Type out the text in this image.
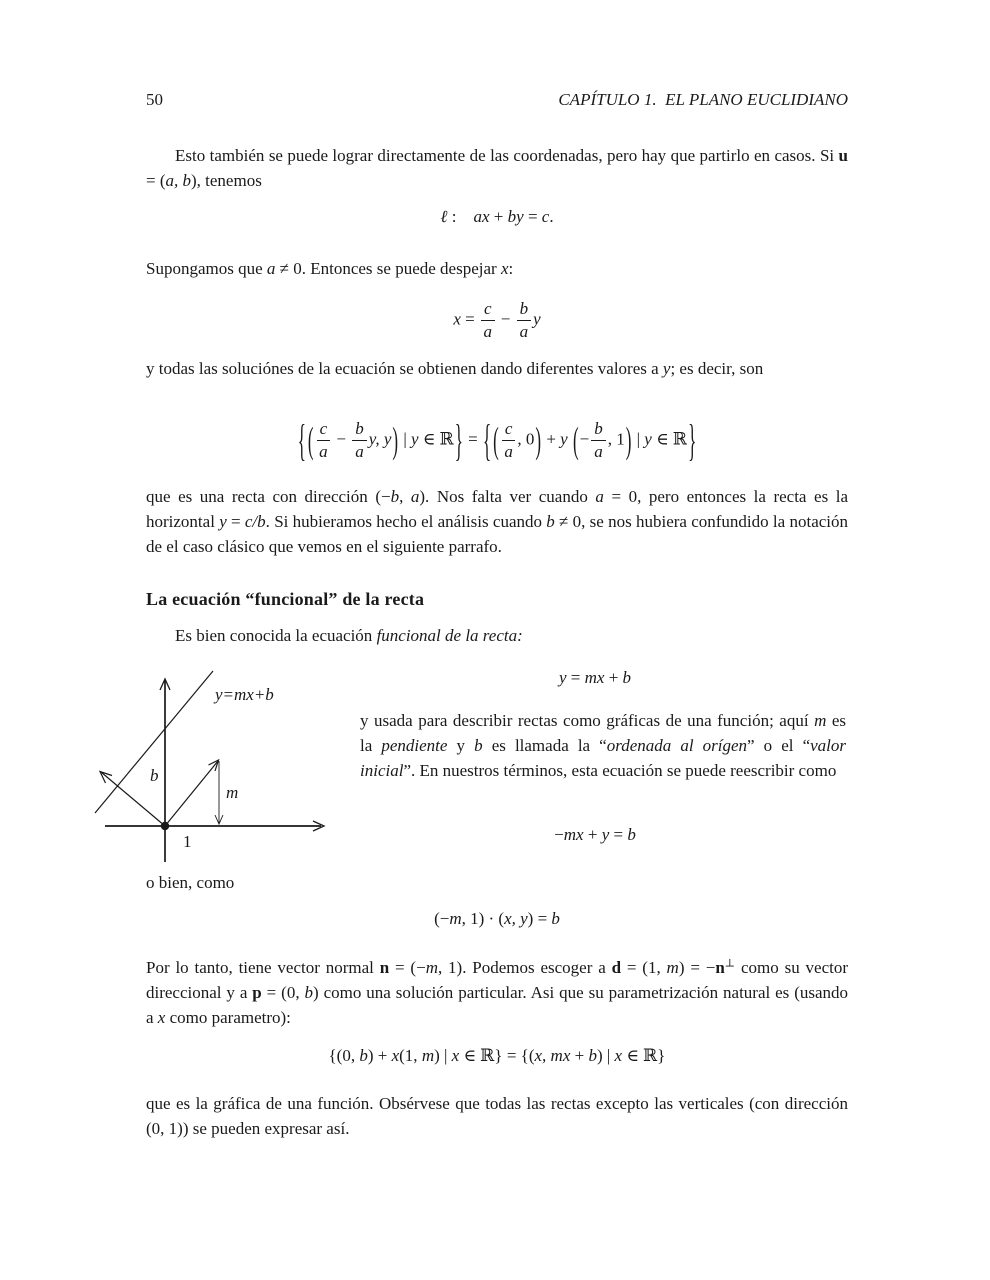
50	CAPÍTULO 1. EL PLANO EUCLIDIANO
Esto también se puede lograr directamente de las coordenadas, pero hay que partirlo en casos. Si u = (a, b), tenemos
ℓ : ax + by = c.
Supongamos que a ≠ 0. Entonces se puede despejar x:
$x = \frac{c}{a} - \frac{b}{a}$ y
y todas las soluciónes de la ecuación se obtienen dando diferentes valores a y; es decir, son
{ ( $\frac{c}{a} - \frac{b}{a} y$, y) | y ∈ ℝ} = { ( $\frac{c}{a}$ , 0) + y (− $\frac{b}{a}$ , 1) | y ∈ ℝ}
que es una recta con dirección (−b, a). Nos falta ver cuando a = 0, pero entonces la recta es la horizontal y = c/b. Si hubieramos hecho el análisis cuando b ≠ 0, se nos hubiera confundido la notación de el caso clásico que vemos en el siguiente parrafo.
La ecuación “funcional” de la recta
Es bien conocida la ecuación funcional de la recta:
y = mx + b
y=mx+b
b
m
1
y usada para describir rectas como gráficas de una función; aquí m es la pendiente y b es llamada la “ordenada al orígen” o el “valor inicial”. En nuestros términos, esta ecuación se puede reescribir como
−mx + y = b
o bien, como
(−m, 1) · (x, y) = b
Por lo tanto, tiene vector normal n = (−m, 1). Podemos escoger a d = (1, m) = −n⊥ como su vector direccional y a p = (0, b) como una solución particular. Asi que su parametrización natural es (usando a x como parametro):
{(0, b) + x(1, m) | x ∈ ℝ} = {(x, mx + b) | x ∈ ℝ}
que es la gráfica de una función. Obsérvese que todas las rectas excepto las verticales (con dirección (0, 1)) se pueden expresar así.
